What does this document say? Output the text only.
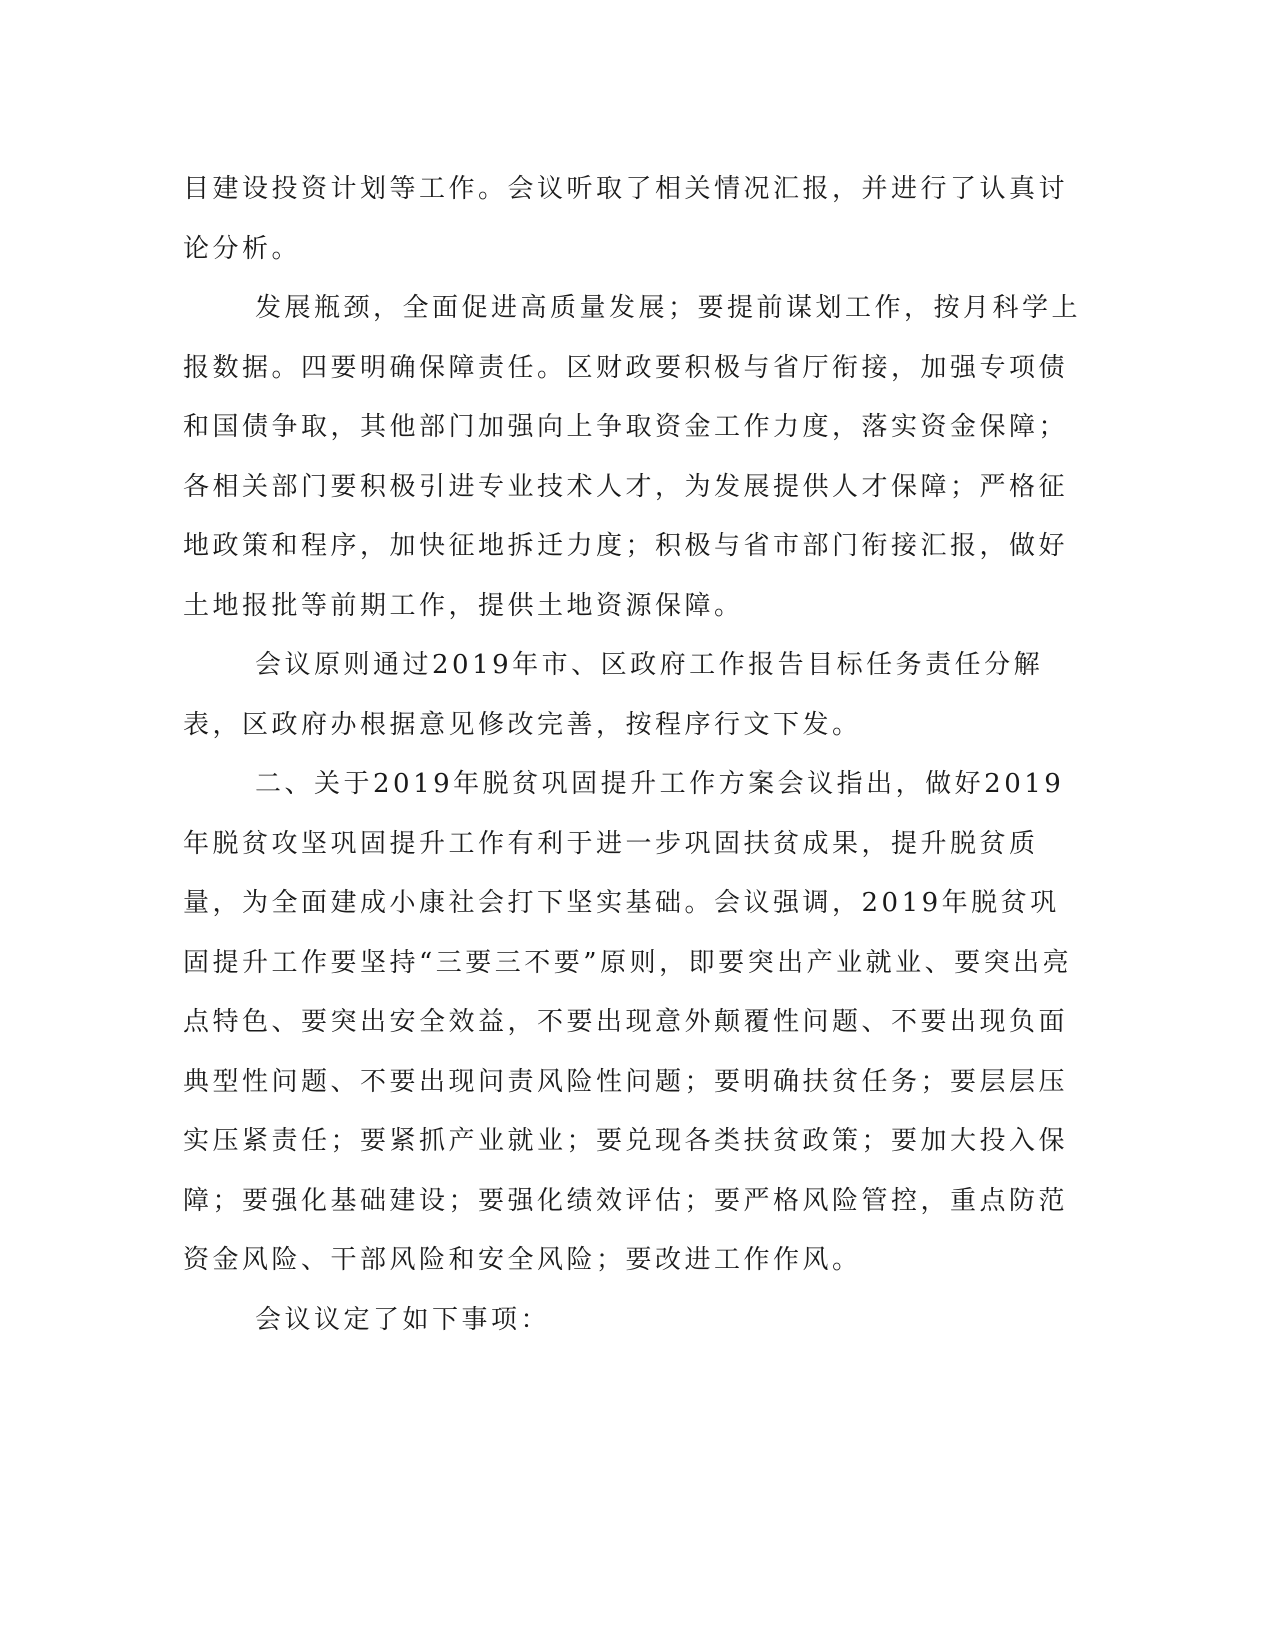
目建设投资计划等工作。会议听取了相关情况汇报，并进行了认真讨论分析。

发展瓶颈，全面促进高质量发展；要提前谋划工作，按月科学上报数据。四要明确保障责任。区财政要积极与省厅衔接，加强专项债和国债争取，其他部门加强向上争取资金工作力度，落实资金保障；各相关部门要积极引进专业技术人才，为发展提供人才保障；严格征地政策和程序，加快征地拆迁力度；积极与省市部门衔接汇报，做好土地报批等前期工作，提供土地资源保障。

会议原则通过2019年市、区政府工作报告目标任务责任分解表，区政府办根据意见修改完善，按程序行文下发。

二、关于2019年脱贫巩固提升工作方案会议指出，做好2019年脱贫攻坚巩固提升工作有利于进一步巩固扶贫成果，提升脱贫质量，为全面建成小康社会打下坚实基础。会议强调，2019年脱贫巩固提升工作要坚持“三要三不要”原则，即要突出产业就业、要突出亮点特色、要突出安全效益，不要出现意外颠覆性问题、不要出现负面典型性问题、不要出现问责风险性问题；要明确扶贫任务；要层层压实压紧责任；要紧抓产业就业；要兑现各类扶贫政策；要加大投入保障；要强化基础建设；要强化绩效评估；要严格风险管控，重点防范资金风险、干部风险和安全风险；要改进工作作风。

会议议定了如下事项：
